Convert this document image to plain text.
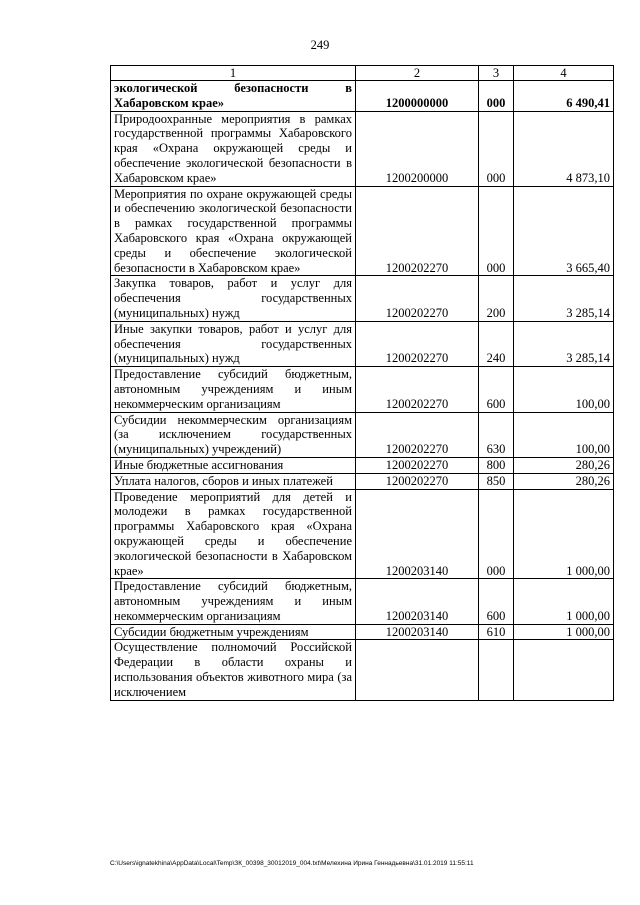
249
1	2	3	4
экологической безопасности в Хабаровском крае»	1200000000	000	6 490,41
Природоохранные мероприятия в рамках государственной программы Хабаровского края «Охрана окружающей среды и обеспечение экологической безопасности в Хабаровском крае»	1200200000	000	4 873,10
Мероприятия по охране окружающей среды и обеспечению экологической безопасности в рамках государственной программы Хабаровского края «Охрана окружающей среды и обеспечение экологической безопасности в Хабаровском крае»	1200202270	000	3 665,40
Закупка товаров, работ и услуг для обеспечения государственных (муниципальных) нужд	1200202270	200	3 285,14
Иные закупки товаров, работ и услуг для обеспечения государственных (муниципальных) нужд	1200202270	240	3 285,14
Предоставление субсидий бюджетным, автономным учреждениям и иным некоммерческим организациям	1200202270	600	100,00
Субсидии некоммерческим организациям (за исключением государственных (муниципальных) учреждений)	1200202270	630	100,00
Иные бюджетные ассигнования	1200202270	800	280,26
Уплата налогов, сборов и иных платежей	1200202270	850	280,26
Проведение мероприятий для детей и молодежи в рамках государственной программы Хабаровского края «Охрана окружающей среды и обеспечение экологической безопасности в Хабаровском крае»	1200203140	000	1 000,00
Предоставление субсидий бюджетным, автономным учреждениям и иным некоммерческим организациям	1200203140	600	1 000,00
Субсидии бюджетным учреждениям	1200203140	610	1 000,00
Осуществление полномочий Российской Федерации в области охраны и использования объектов животного мира (за исключением			
C:\Users\ignatekhina\AppData\Local\Temp\ЗК_00398_30012019_004.txt\Мелехина Ирина Геннадьевна\31.01.2019 11:55:11
